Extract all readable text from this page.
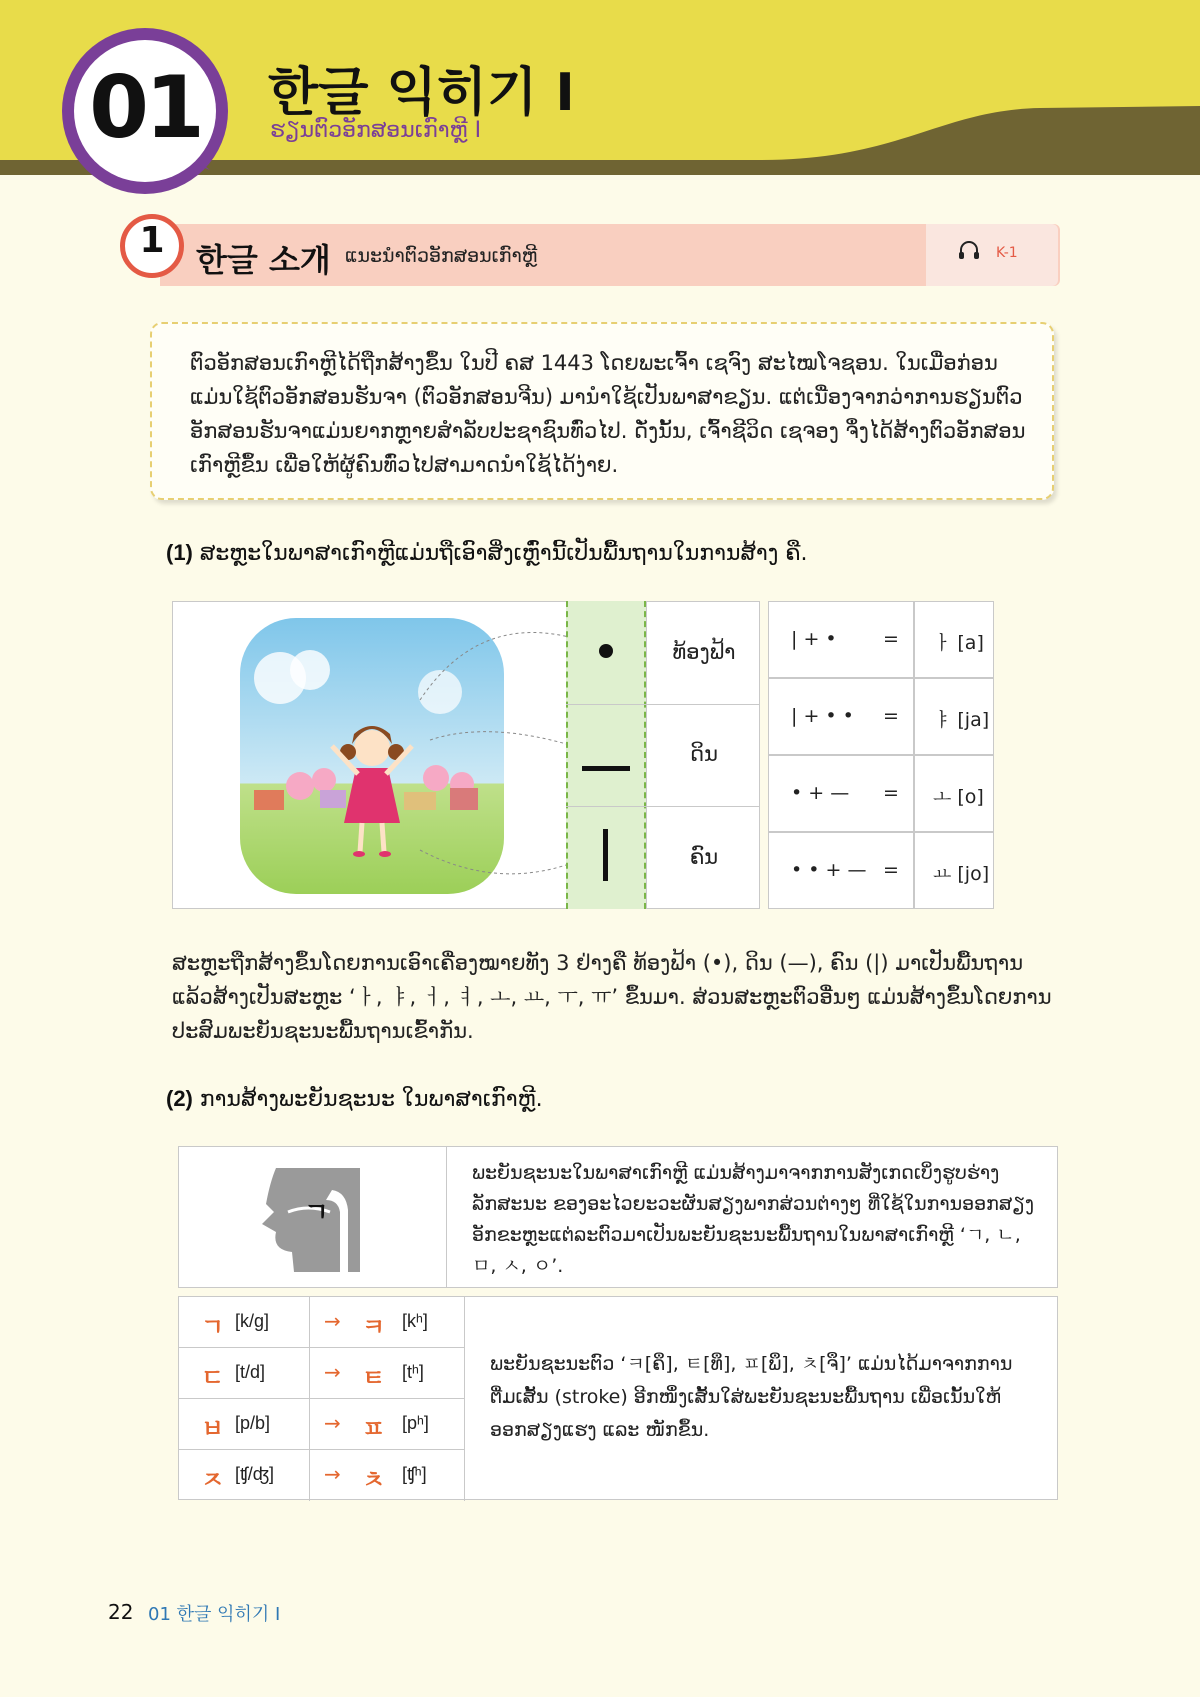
01 한글 익히기 I
ຮຽນຕົວອັກສອນເກົາຫຼີ I
1 한글 소개 ແນະນຳຕົວອັກສອນເກົາຫຼີ	K-1
ຕົວອັກສອນເກົາຫຼີໄດ້ຖືກສ້າງຂຶ້ນ ໃນປີ ຄສ 1443 ໂດຍພະເຈົ້າ ເຊຈົງ ສະໄໝໂຈຊອນ. ໃນເມື່ອກ່ອນແມ່ນໃຊ້ຕົວອັກສອນຮັນຈາ (ຕົວອັກສອນຈີນ) ມານຳໃຊ້ເປັນພາສາຂຽນ. ແຕ່ເນື່ອງຈາກວ່າການຮຽນຕົວອັກສອນຮັນຈາແມ່ນຍາກຫຼາຍສຳລັບປະຊາຊົນທົ່ວໄປ. ດັ່ງນັ້ນ, ເຈົ້າຊີວິດ ເຊຈອງ ຈຶ່ງໄດ້ສ້າງຕົວອັກສອນເກົາຫຼີຂຶ້ນ ເພື່ອໃຫ້ຜູ້ຄົນທົ່ວໄປສາມາດນຳໃຊ້ໄດ້ງ່າຍ.
(1) ສະຫຼະໃນພາສາເກົາຫຼີແມ່ນຖືເອົາສິ່ງເຫຼົ່ານີ້ເປັນພື້ນຖານໃນການສ້າງ ຄື.
ທ້ອງຟ້າ
ດິນ
ຄົນ
| + • = ㅏ [a]
| + • • = ㅑ [ja]
• + — = ㅗ [o]
• • + — = ㅛ [jo]
ສະຫຼະຖືກສ້າງຂຶ້ນໂດຍການເອົາເຄື່ອງໝາຍທັງ 3 ຢ່າງຄື ທ້ອງຟ້າ (•), ດິນ (—), ຄົນ (|) ມາເປັນພື້ນຖານແລ້ວສ້າງເປັນສະຫຼະ ‘ㅏ, ㅑ, ㅓ, ㅕ, ㅗ, ㅛ, ㅜ, ㅠ’ ຂຶ້ນມາ. ສ່ວນສະຫຼະຕົວອື່ນໆ ແມ່ນສ້າງຂຶ້ນໂດຍການປະສົມພະຍັນຊະນະພື້ນຖານເຂົ້າກັນ.
(2) ການສ້າງພະຍັນຊະນະ ໃນພາສາເກົາຫຼີ.
ㄱ
ພະຍັນຊະນະໃນພາສາເກົາຫຼີ ແມ່ນສ້າງມາຈາກການສັງເກດເບິ່ງຮູບຮ່າງລັກສະນະ ຂອງອະໄວຍະວະຜັນສຽງພາກສ່ວນຕ່າງໆ ທີ່ໃຊ້ໃນການອອກສຽງອັກຂະຫຼະແຕ່ລະຕົວມາເປັນພະຍັນຊະນະພື້ນຖານໃນພາສາເກົາຫຼີ ‘ㄱ, ㄴ, ㅁ, ㅅ, ㅇ’.
ㄱ [k/g]	→ ㅋ [kʰ]
ㄷ [t/d]	→ ㅌ [tʰ]
ㅂ [p/b]	→ ㅍ [pʰ]
ㅈ [ʧ/ʤ] → ㅊ [ʧʰ]
ພະຍັນຊະນະຕົວ ‘ㅋ[ຄຶ], ㅌ[ທຶ], ㅍ[ພຶ], ㅊ[ຈຶ]’ ແມ່ນໄດ້ມາຈາກການຕື່ມເສັ້ນ (stroke) ອີກໜຶ່ງເສັ້ນໃສ່ພະຍັນຊະນະພື້ນຖານ ເພື່ອເນັ້ນໃຫ້ອອກສຽງແຮງ ແລະ ໜັກຂຶ້ນ.
22 01 한글 익히기 I
